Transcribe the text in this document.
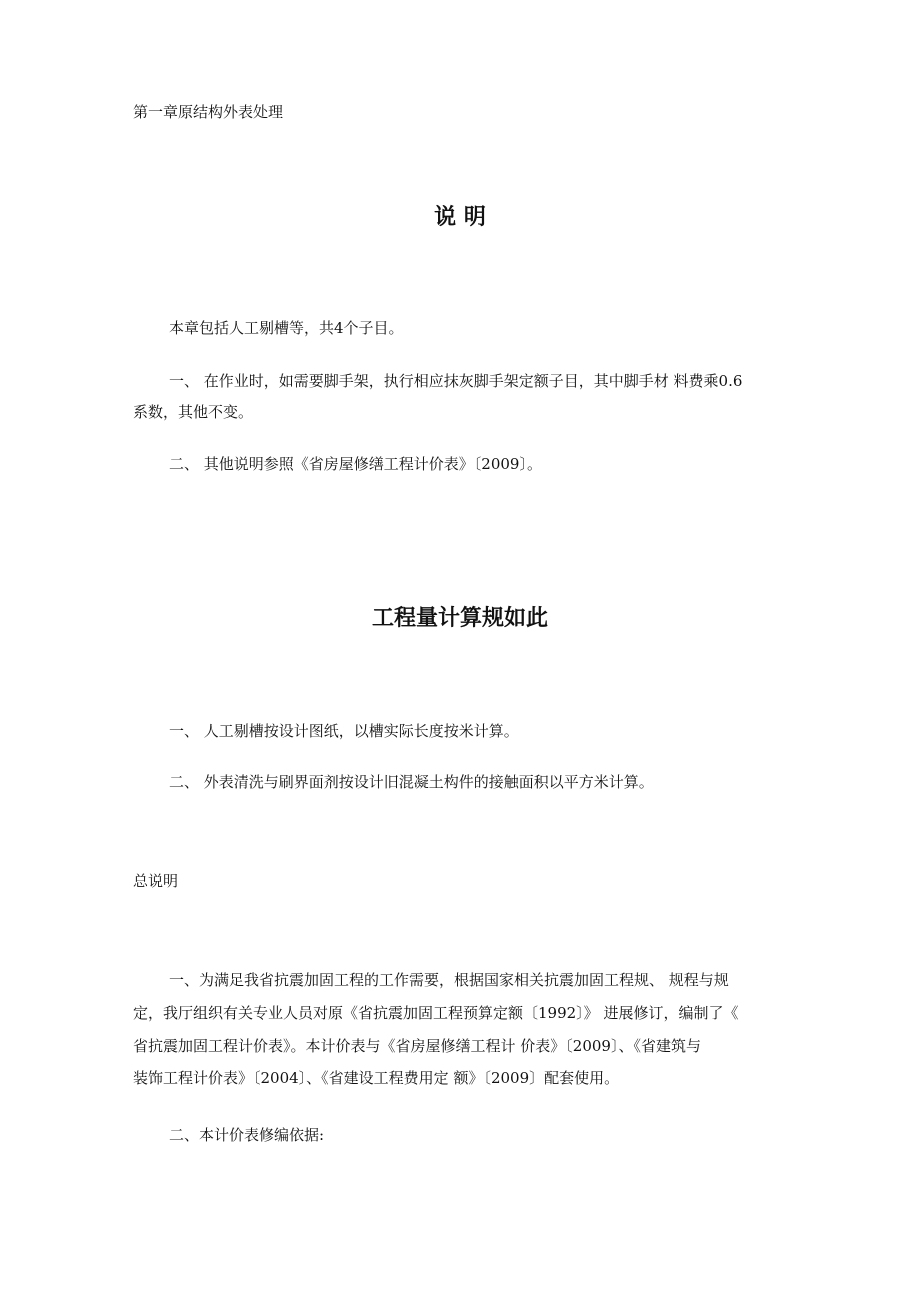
第一章原结构外表处理
说 明
本章包括人工剔槽等，共4个子目。
一、 在作业时，如需要脚手架，执行相应抹灰脚手架定额子目，其中脚手材 料费乘0.6
系数，其他不变。
二、 其他说明参照《省房屋修缮工程计价表》〔2009〕。
工程量计算规如此
一、 人工剔槽按设计图纸，以槽实际长度按米计算。
二、 外表清洗与刷界面剂按设计旧混凝土构件的接触面积以平方米计算。
总说明
一、为满足我省抗震加固工程的工作需要，根据国家相关抗震加固工程规、 规程与规
定，我厅组织有关专业人员对原《省抗震加固工程预算定额〔1992〕》 进展修订，编制了《
省抗震加固工程计价表》。本计价表与《省房屋修缮工程计 价表》〔2009〕、《省建筑与
装饰工程计价表》〔2004〕、《省建设工程费用定 额》〔2009〕配套使用。
二、本计价表修编依据:
